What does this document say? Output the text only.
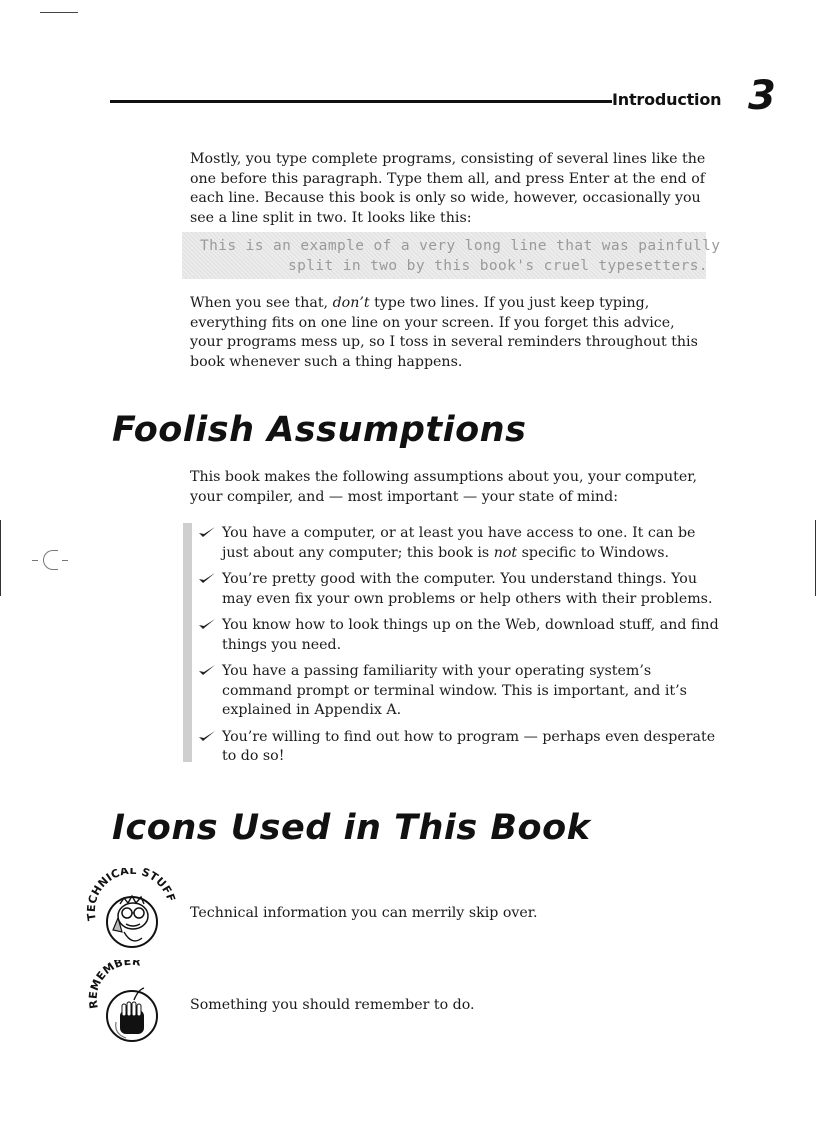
Introduction 3

Mostly, you type complete programs, consisting of several lines like the one before this paragraph. Type them all, and press Enter at the end of each line. Because this book is only so wide, however, occasionally you see a line split in two. It looks like this:

This is an example of a very long line that was painfully
split in two by this book's cruel typesetters.

When you see that, don’t type two lines. If you just keep typing, everything fits on one line on your screen. If you forget this advice, your programs mess up, so I toss in several reminders throughout this book whenever such a thing happens.

Foolish Assumptions

This book makes the following assumptions about you, your computer, your compiler, and — most important — your state of mind:

You have a computer, or at least you have access to one. It can be just about any computer; this book is not specific to Windows.
You’re pretty good with the computer. You understand things. You may even fix your own problems or help others with their problems.
You know how to look things up on the Web, download stuff, and find things you need.
You have a passing familiarity with your operating system’s command prompt or terminal window. This is important, and it’s explained in Appendix A.
You’re willing to find out how to program — perhaps even desperate to do so!
Icons Used in This Book
TECHNICAL STUF
Technical information you can merrily skip over.
REMEMBER
Something you should remember to do.
